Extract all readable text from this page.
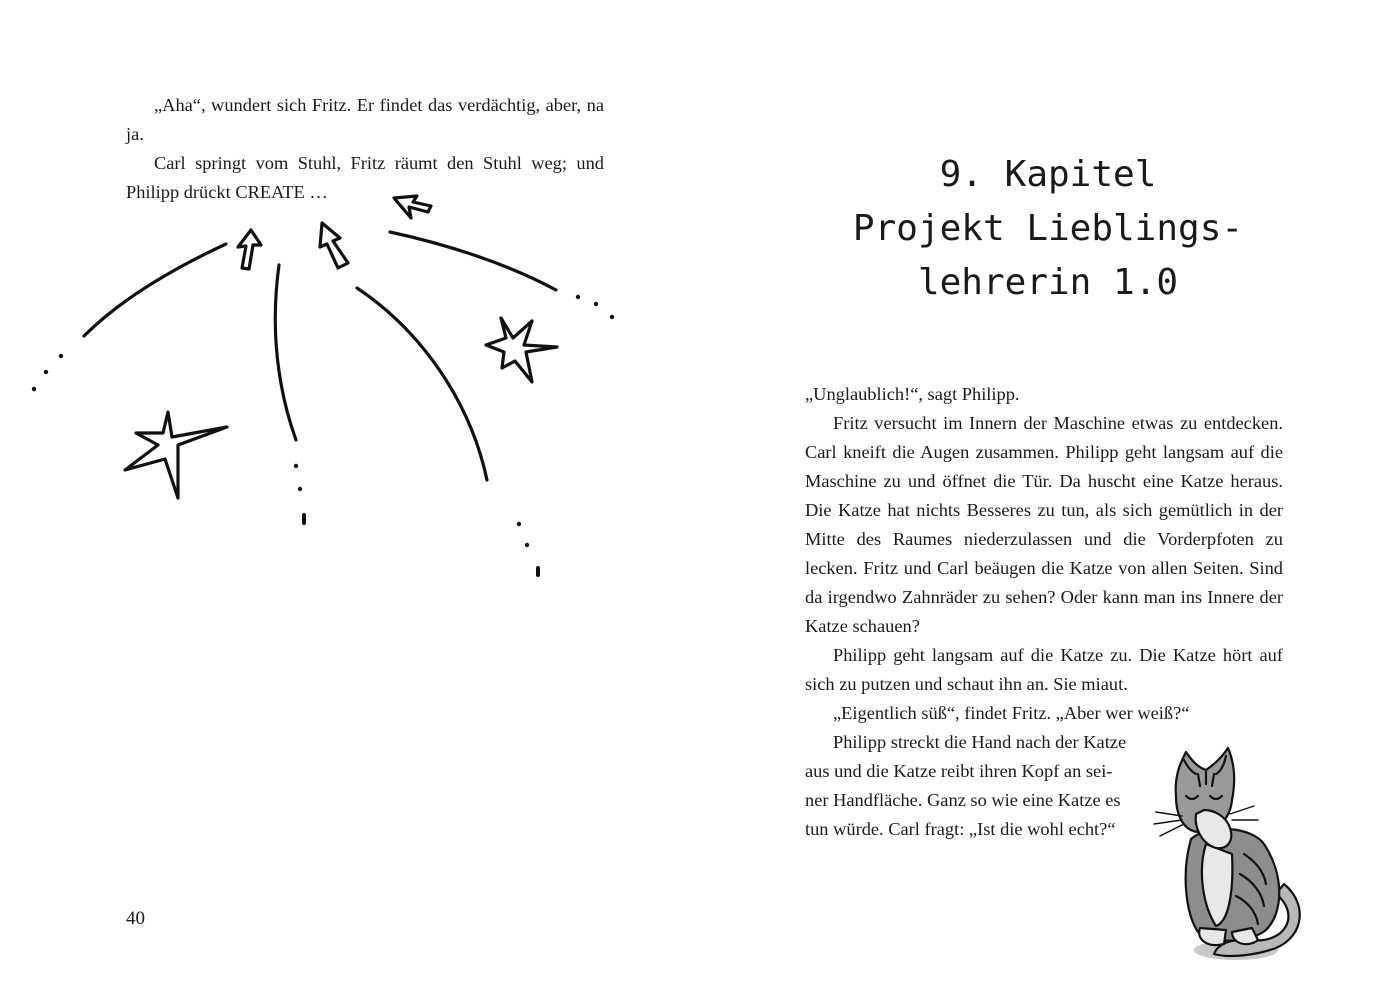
„Aha“, wundert sich Fritz. Er findet das verdächtig, aber, na ja.

Carl springt vom Stuhl, Fritz räumt den Stuhl weg; und Philipp drückt CREATE …

40
9. Kapitel
Projekt Lieblings-
lehrerin 1.0

„Unglaublich!“, sagt Philipp.

Fritz versucht im Innern der Maschine etwas zu entdecken. Carl kneift die Augen zusammen. Philipp geht langsam auf die Maschine zu und öffnet die Tür. Da huscht eine Katze heraus. Die Katze hat nichts Besseres zu tun, als sich gemütlich in der Mitte des Raumes niederzulassen und die Vorderpfoten zu lecken. Fritz und Carl beäugen die Katze von allen Seiten. Sind da irgendwo Zahnräder zu sehen? Oder kann man ins Innere der Katze schauen?

Philipp geht langsam auf die Katze zu. Die Katze hört auf sich zu putzen und schaut ihn an. Sie miaut.

„Eigentlich süß“, findet Fritz. „Aber wer weiß?“

Philipp streckt die Hand nach der Katze

aus und die Katze reibt ihren Kopf an sei-

ner Handfläche. Ganz so wie eine Katze es

tun würde. Carl fragt: „Ist die wohl echt?“
